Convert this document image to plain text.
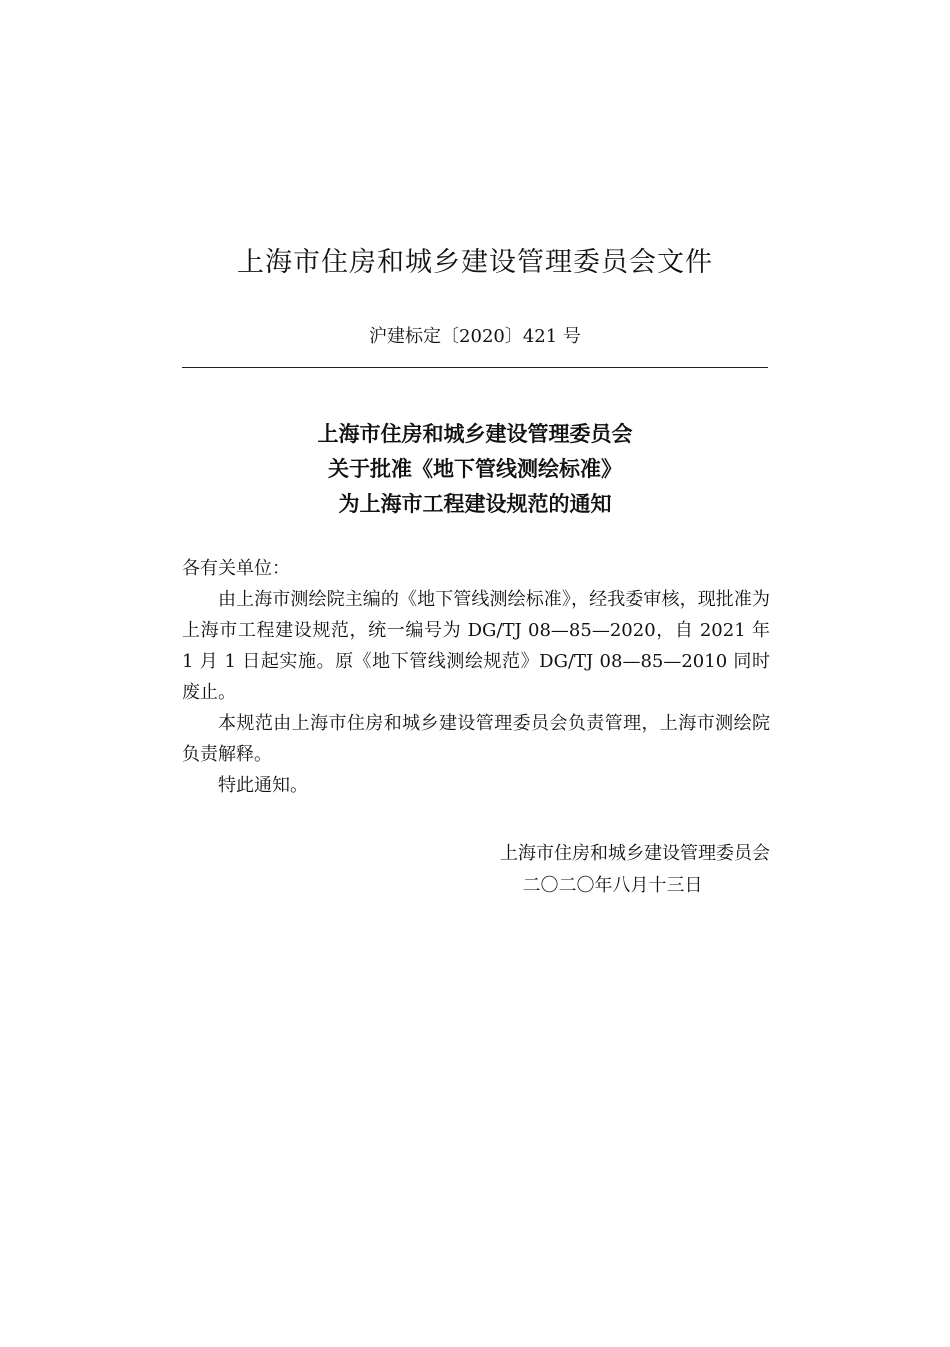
上海市住房和城乡建设管理委员会文件
沪建标定〔2020〕421 号
上海市住房和城乡建设管理委员会
关于批准《地下管线测绘标准》
为上海市工程建设规范的通知

各有关单位：

由上海市测绘院主编的《地下管线测绘标准》，经我委审核，现批准为上海市工程建设规范，统一编号为 DG/TJ 08—85—2020，自 2021 年 1 月 1 日起实施。原《地下管线测绘规范》DG/TJ 08—85—2010 同时废止。

本规范由上海市住房和城乡建设管理委员会负责管理，上海市测绘院负责解释。

特此通知。

上海市住房和城乡建设管理委员会
二〇二〇年八月十三日
